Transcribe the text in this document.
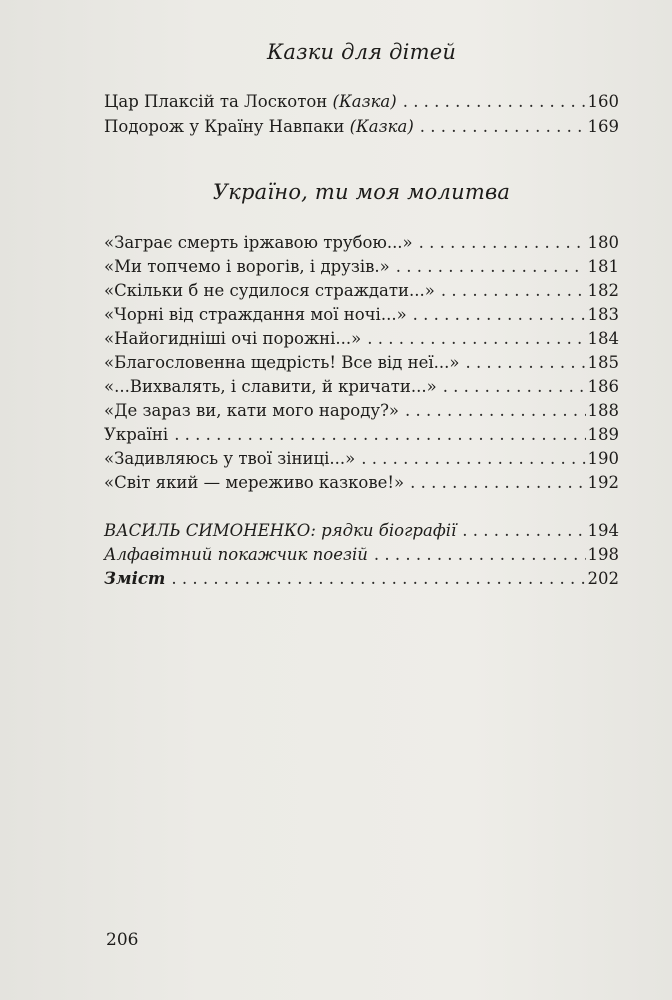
Казки для дітей
Цар Плаксій та Лоскотон (Казка) . . .	160
Подорож у Країну Навпаки (Казка) . . .	169
Україно, ти моя молитва
«Заграє смерть іржавою трубою...» . . .	180
«Ми топчемо і ворогів, і друзів.» . . .	181
«Скільки б не судилося страждати...» . . .	182
«Чорні від страждання мої ночі...» . . .	183
«Найогидніші очі порожні...» . . .	184
«Благословенна щедрість! Все від неї...» . . .	185
«...Вихвалять, і славити, й кричати...» . . .	186
«Де зараз ви, кати мого народу?» . . .	188
Україні . . .	189
«Задивляюсь у твої зіниці...» . . .	190
«Світ який — мереживо казкове!» . . .	192
ВАСИЛЬ СИМОНЕНКО: рядки біографії . . .	194
Алфавітний покажчик поезій . . .	198
Зміст . . .	202
206
